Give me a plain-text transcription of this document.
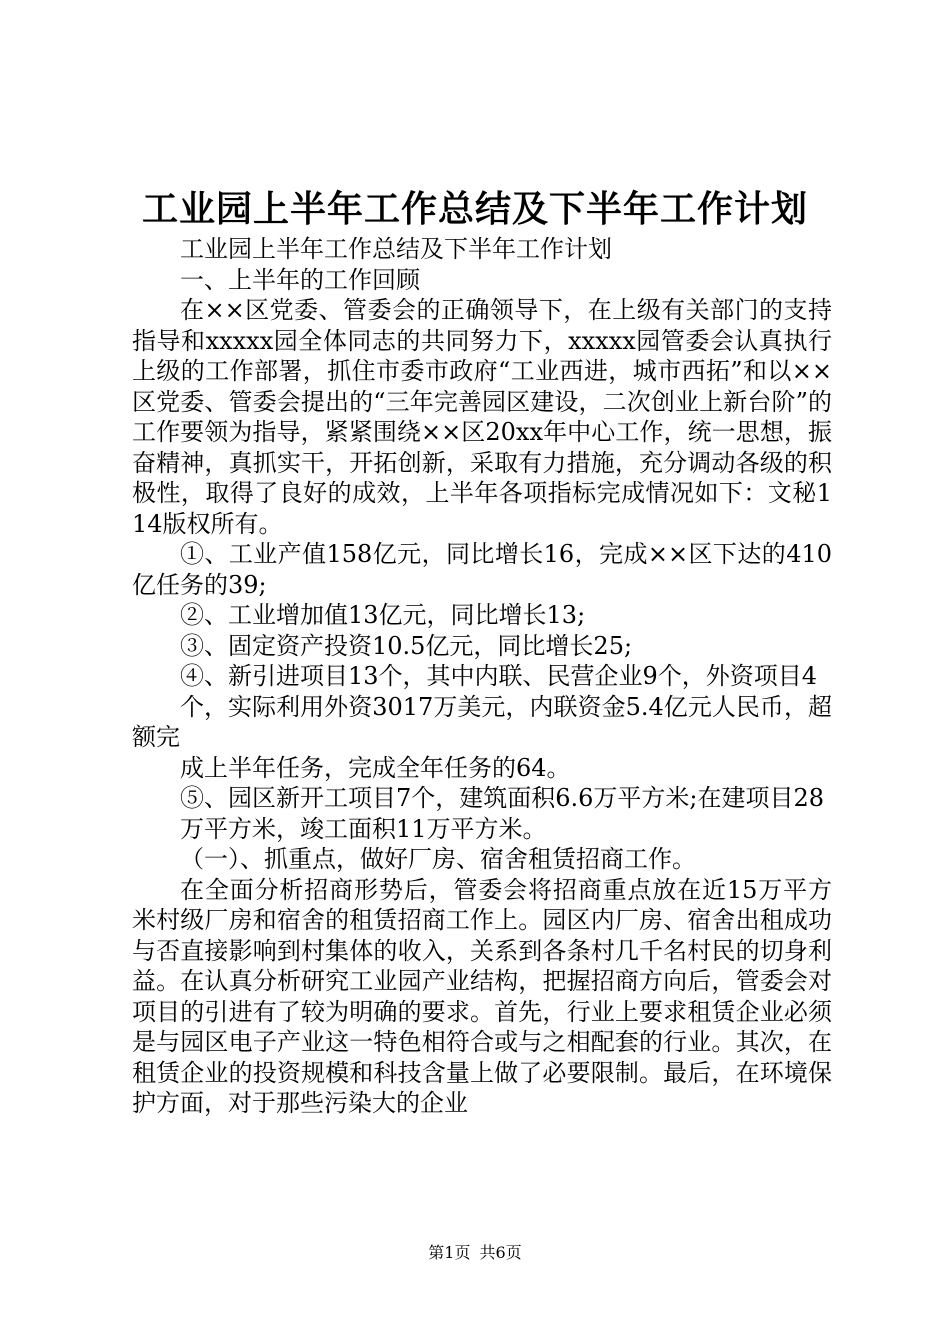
工业园上半年工作总结及下半年工作计划

工业园上半年工作总结及下半年工作计划

一、上半年的工作回顾

在××区党委、管委会的正确领导下，在上级有关部门的支持指导和xxxxx园全体同志的共同努力下，xxxxx园管委会认真执行上级的工作部署，抓住市委市政府“工业西进，城市西拓”和以××区党委、管委会提出的“三年完善园区建设，二次创业上新台阶”的工作要领为指导，紧紧围绕××区20xx年中心工作，统一思想，振奋精神，真抓实干，开拓创新，采取有力措施，充分调动各级的积极性，取得了良好的成效，上半年各项指标完成情况如下：文秘114版权所有。

①、工业产值158亿元，同比增长16，完成××区下达的410亿任务的39;

②、工业增加值13亿元，同比增长13;

③、固定资产投资10.5亿元，同比增长25;

④、新引进项目13个，其中内联、民营企业9个，外资项目4

个，实际利用外资3017万美元，内联资金5.4亿元人民币，超额完

成上半年任务，完成全年任务的64。

⑤、园区新开工项目7个，建筑面积6.6万平方米;在建项目28

万平方米，竣工面积11万平方米。

（一）、抓重点，做好厂房、宿舍租赁招商工作。

在全面分析招商形势后，管委会将招商重点放在近15万平方米村级厂房和宿舍的租赁招商工作上。园区内厂房、宿舍出租成功与否直接影响到村集体的收入，关系到各条村几千名村民的切身利益。在认真分析研究工业园产业结构，把握招商方向后，管委会对项目的引进有了较为明确的要求。首先，行业上要求租赁企业必须是与园区电子产业这一特色相符合或与之相配套的行业。其次，在租赁企业的投资规模和科技含量上做了必要限制。最后，在环境保护方面，对于那些污染大的企业

第1页 共6页
